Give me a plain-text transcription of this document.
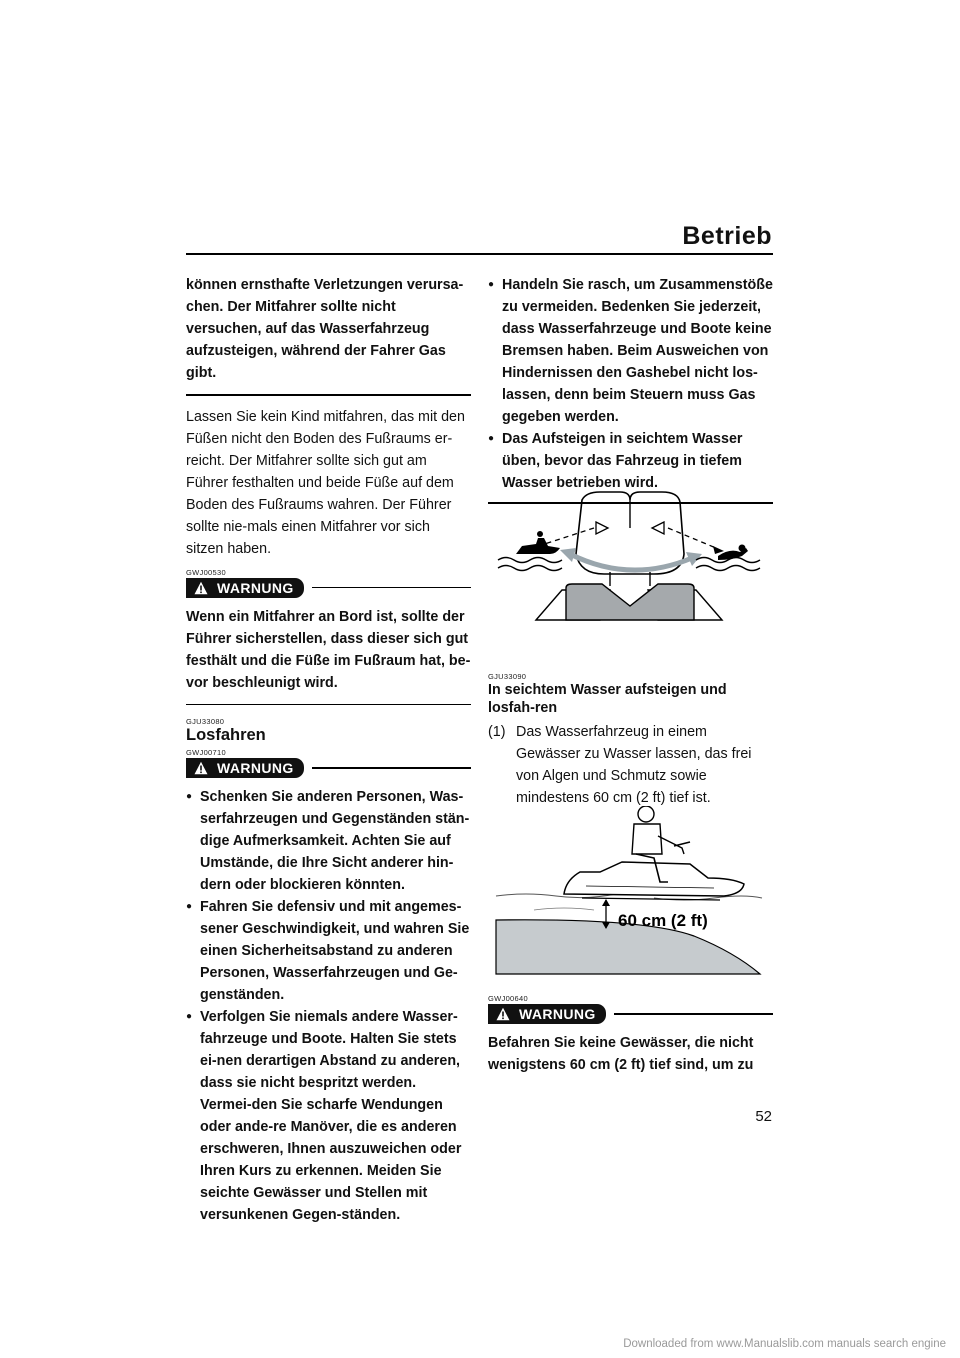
Betrieb

können ernsthafte Verletzungen verursa-chen. Der Mitfahrer sollte nicht versuchen, auf das Wasserfahrzeug aufzusteigen, während der Fahrer Gas gibt.

Lassen Sie kein Kind mitfahren, das mit den Füßen nicht den Boden des Fußraums er-reicht. Der Mitfahrer sollte sich gut am Führer festhalten und beide Füße auf dem Boden des Fußraums wahren. Der Führer sollte nie-mals einen Mitfahrer vor sich sitzen haben.

GWJ00530
WARNUNG

Wenn ein Mitfahrer an Bord ist, sollte der Führer sicherstellen, dass dieser sich gut festhält und die Füße im Fußraum hat, be-vor beschleunigt wird.

GJU33080
Losfahren
GWJ00710
WARNUNG
● Schenken Sie anderen Personen, Was-serfahrzeugen und Gegenständen stän-dige Aufmerksamkeit. Achten Sie auf Umstände, die Ihre Sicht anderer hin-dern oder blockieren könnten.
● Fahren Sie defensiv und mit angemes-sener Geschwindigkeit, und wahren Sie einen Sicherheitsabstand zu anderen Personen, Wasserfahrzeugen und Ge-genständen.
● Verfolgen Sie niemals andere Wasser-fahrzeuge und Boote. Halten Sie stets ei-nen derartigen Abstand zu anderen, dass sie nicht bespritzt werden. Vermei-den Sie scharfe Wendungen oder ande-re Manöver, die es anderen erschweren, Ihnen auszuweichen oder Ihren Kurs zu erkennen. Meiden Sie seichte Gewässer und Stellen mit versunkenen Gegen-ständen.
● Handeln Sie rasch, um Zusammenstöße zu vermeiden. Bedenken Sie jederzeit, dass Wasserfahrzeuge und Boote keine Bremsen haben. Beim Ausweichen von Hindernissen den Gashebel nicht los-lassen, denn beim Steuern muss Gas gegeben werden.
● Das Aufsteigen in seichtem Wasser üben, bevor das Fahrzeug in tiefem Wasser betrieben wird.
GJU33090
In seichtem Wasser aufsteigen und losfah-ren
(1) Das Wasserfahrzeug in einem Gewässer zu Wasser lassen, das frei von Algen und Schmutz sowie mindestens 60 cm (2 ft) tief ist.
60 cm (2 ft)
GWJ00640
WARNUNG

Befahren Sie keine Gewässer, die nicht wenigstens 60 cm (2 ft) tief sind, um zu

52
Downloaded from www.Manualslib.com manuals search engine
